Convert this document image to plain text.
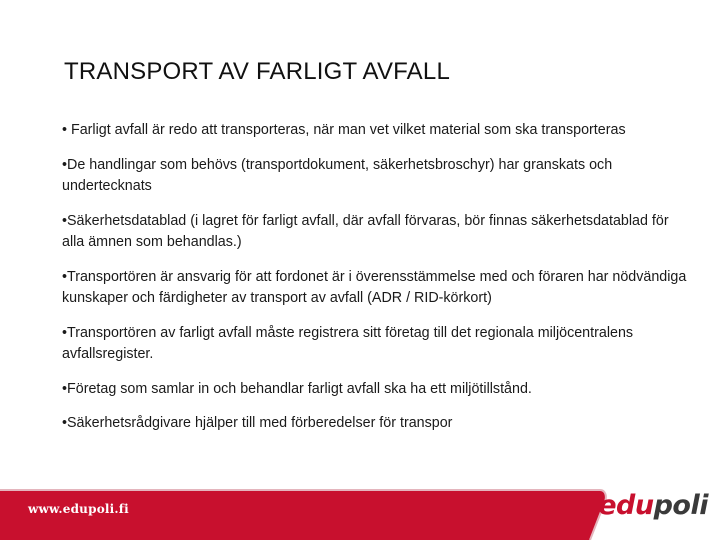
TRANSPORT AV FARLIGT AVFALL
• Farligt avfall är redo att transporteras, när man vet vilket material som ska transporteras
•De handlingar som behövs (transportdokument, säkerhetsbroschyr) har granskats och undertecknats
•Säkerhetsdatablad (i lagret för farligt avfall, där avfall förvaras, bör finnas säkerhetsdatablad för alla ämnen som behandlas.)
•Transportören är ansvarig för att fordonet är i överensstämmelse med och föraren har nödvändiga kunskaper och färdigheter av transport av avfall (ADR / RID-körkort)
•Transportören av farligt avfall måste registrera sitt företag till det regionala miljöcentralens avfallsregister.
•Företag som samlar in och behandlar farligt avfall ska ha ett miljötillstånd.
•Säkerhetsrådgivare hjälper till med förberedelser för transpor
www.edupoli.fi	edupoli
